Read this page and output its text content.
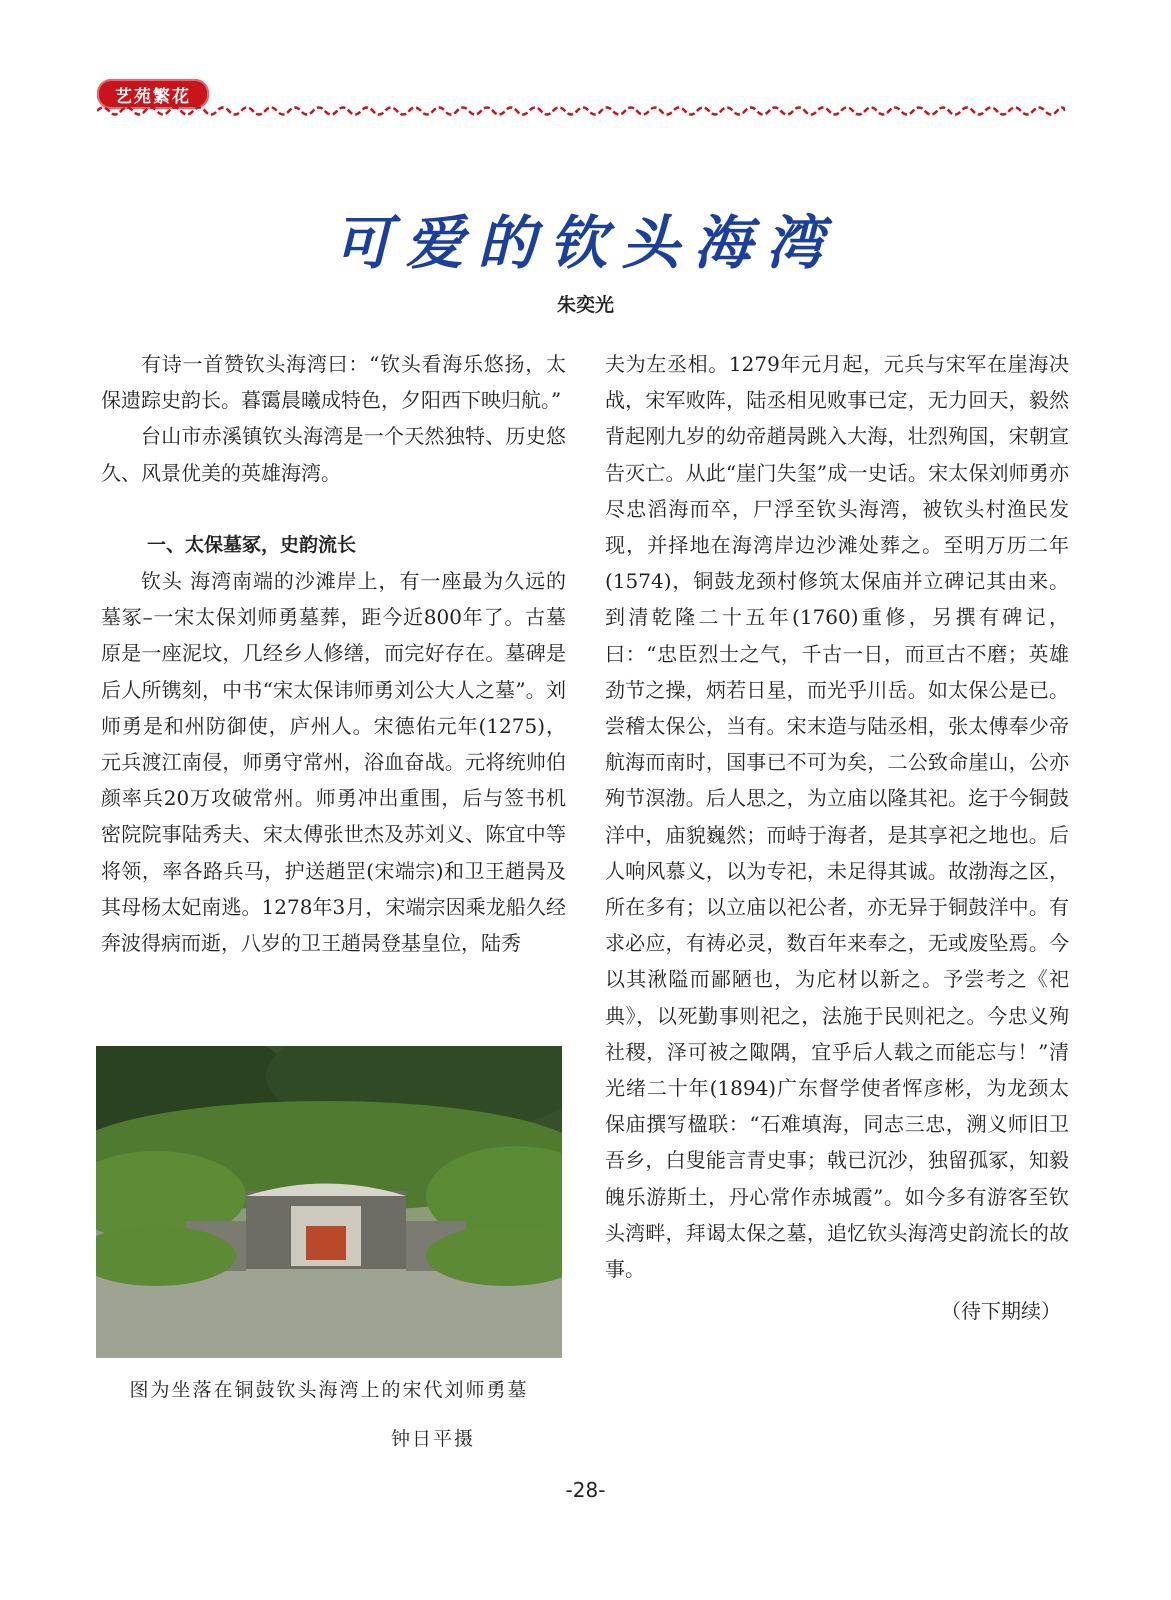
艺苑繁花
可爱的钦头海湾
朱奕光

有诗一首赞钦头海湾曰：“钦头看海乐悠扬，太保遗踪史韵长。暮霭晨曦成特色，夕阳西下映归航。”

台山市赤溪镇钦头海湾是一个天然独特、历史悠久、风景优美的英雄海湾。

一、太保墓冢，史韵流长

钦头 海湾南端的沙滩岸上，有一座最为久远的墓冢–一宋太保刘师勇墓葬，距今近800年了。古墓原是一座泥坟，几经乡人修缮，而完好存在。墓碑是后人所镌刻，中书“宋太保讳师勇刘公大人之墓”。刘师勇是和州防御使，庐州人。宋德佑元年(1275)，元兵渡江南侵，师勇守常州，浴血奋战。元将统帅伯颜率兵20万攻破常州。师勇冲出重围，后与签书机密院院事陆秀夫、宋太傅张世杰及苏刘义、陈宜中等将领，率各路兵马，护送趙罡(宋端宗)和卫王趙昺及其母杨太妃南逃。1278年3月，宋端宗因乘龙船久经奔波得病而逝，八岁的卫王趙昺登基皇位，陆秀

图为坐落在铜鼓钦头海湾上的宋代刘师勇墓
钟日平摄

夫为左丞相。1279年元月起，元兵与宋军在崖海决战，宋军败阵，陆丞相见败事已定，无力回天，毅然背起刚九岁的幼帝趙昺跳入大海，壮烈殉国，宋朝宣告灭亡。从此“崖门失玺”成一史话。宋太保刘师勇亦尽忠滔海而卒，尸浮至钦头海湾，被钦头村渔民发现，并择地在海湾岸边沙滩处葬之。至明万历二年(1574)，铜鼓龙颈村修筑太保庙并立碑记其由来。到清乾隆二十五年(1760)重修，另撰有碑记，曰：“忠臣烈士之气，千古一日，而亘古不磨；英雄劲节之操，炳若日星，而光乎川岳。如太保公是已。尝稽太保公，当有。宋末造与陆丞相，张太傅奉少帝航海而南时，国事已不可为矣，二公致命崖山，公亦殉节溟渤。后人思之，为立庙以隆其祀。迄于今铜鼓洋中，庙貌巍然；而峙于海者，是其享祀之地也。后人响风慕义，以为专祀，未足得其诚。故渤海之区，所在多有；以立庙以祀公者，亦无异于铜鼓洋中。有求必应，有祷必灵，数百年来奉之，无或废坠焉。今以其湫隘而鄙陋也，为庀材以新之。予尝考之《祀典》，以死勤事则祀之，法施于民则祀之。今忠义殉社稷，泽可被之陬隅，宜乎后人载之而能忘与！”清光绪二十年(1894)广东督学使者恽彦彬，为龙颈太保庙撰写楹联：“石难填海，同志三忠，溯义师旧卫吾乡，白叟能言青史事；戟已沉沙，独留孤冢，知毅魄乐游斯土，丹心常作赤城霞”。如今多有游客至钦头湾畔，拜谒太保之墓，追忆钦头海湾史韵流长的故事。

（待下期续）
-28-
